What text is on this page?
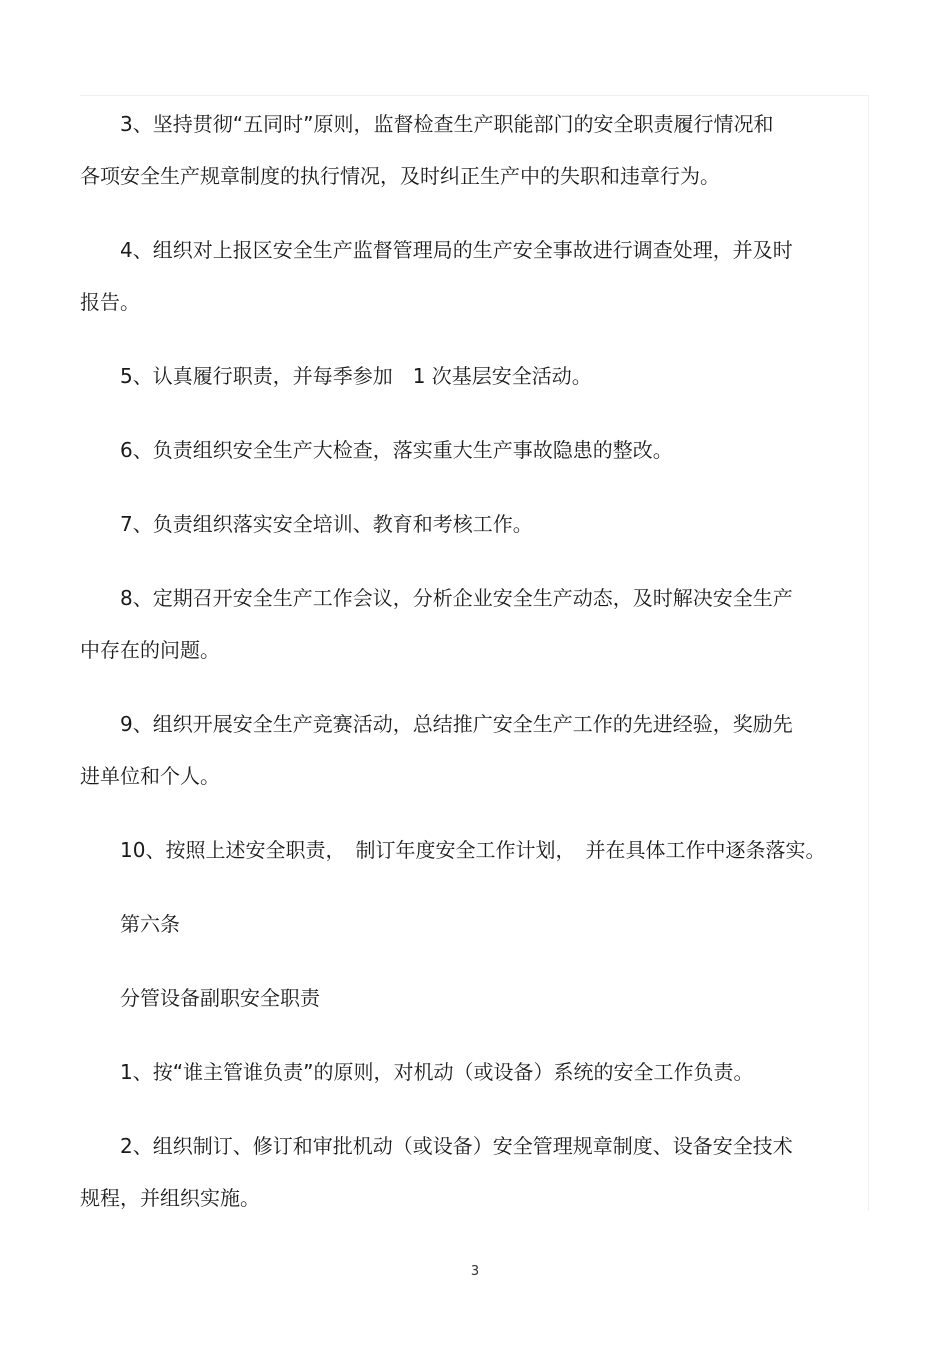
3、坚持贯彻“五同时”原则，监督检查生产职能部门的安全职责履行情况和
各项安全生产规章制度的执行情况，及时纠正生产中的失职和违章行为。

4、组织对上报区安全生产监督管理局的生产安全事故进行调查处理，并及时
报告。

5、认真履行职责，并每季参加　1 次基层安全活动。

6、负责组织安全生产大检查，落实重大生产事故隐患的整改。

7、负责组织落实安全培训、教育和考核工作。

8、定期召开安全生产工作会议，分析企业安全生产动态，及时解决安全生产
中存在的问题。

9、组织开展安全生产竞赛活动，总结推广安全生产工作的先进经验，奖励先
进单位和个人。

10、按照上述安全职责，　制订年度安全工作计划，　并在具体工作中逐条落实。

第六条

分管设备副职安全职责

1、按“谁主管谁负责”的原则，对机动（或设备）系统的安全工作负责。

2、组织制订、修订和审批机动（或设备）安全管理规章制度、设备安全技术
规程，并组织实施。

3
